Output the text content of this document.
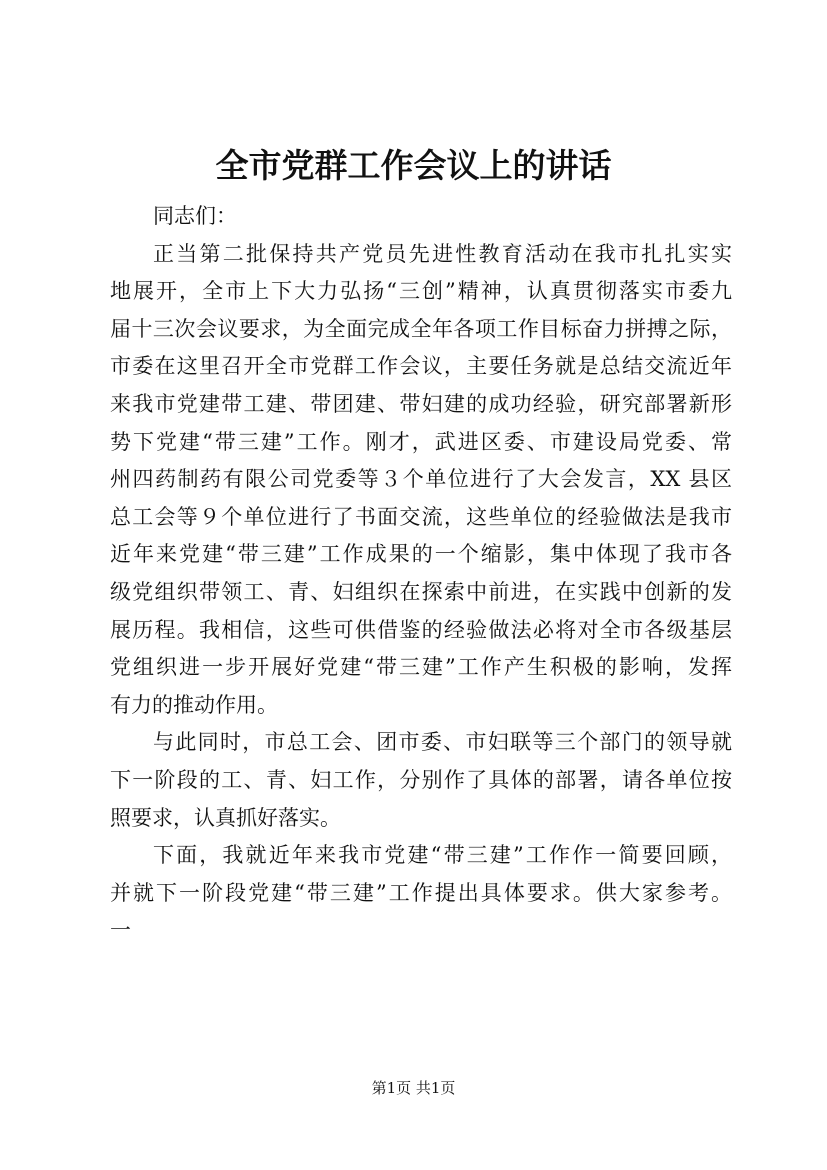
全市党群工作会议上的讲话

同志们：

正当第二批保持共产党员先进性教育活动在我市扎扎实实
地展开，全市上下大力弘扬“三创”精神，认真贯彻落实市委九
届十三次会议要求，为全面完成全年各项工作目标奋力拼搏之际，
市委在这里召开全市党群工作会议，主要任务就是总结交流近年
来我市党建带工建、带团建、带妇建的成功经验，研究部署新形
势下党建“带三建”工作。刚才，武进区委、市建设局党委、常
州四药制药有限公司党委等３个单位进行了大会发言，XX 县区
总工会等９个单位进行了书面交流，这些单位的经验做法是我市
近年来党建“带三建”工作成果的一个缩影，集中体现了我市各
级党组织带领工、青、妇组织在探索中前进，在实践中创新的发
展历程。我相信，这些可供借鉴的经验做法必将对全市各级基层
党组织进一步开展好党建“带三建”工作产生积极的影响，发挥
有力的推动作用。

与此同时，市总工会、团市委、市妇联等三个部门的领导就
下一阶段的工、青、妇工作，分别作了具体的部署，请各单位按
照要求，认真抓好落实。

下面，我就近年来我市党建“带三建”工作作一简要回顾，
并就下一阶段党建“带三建”工作提出具体要求。供大家参考。
一

第1页 共1页
